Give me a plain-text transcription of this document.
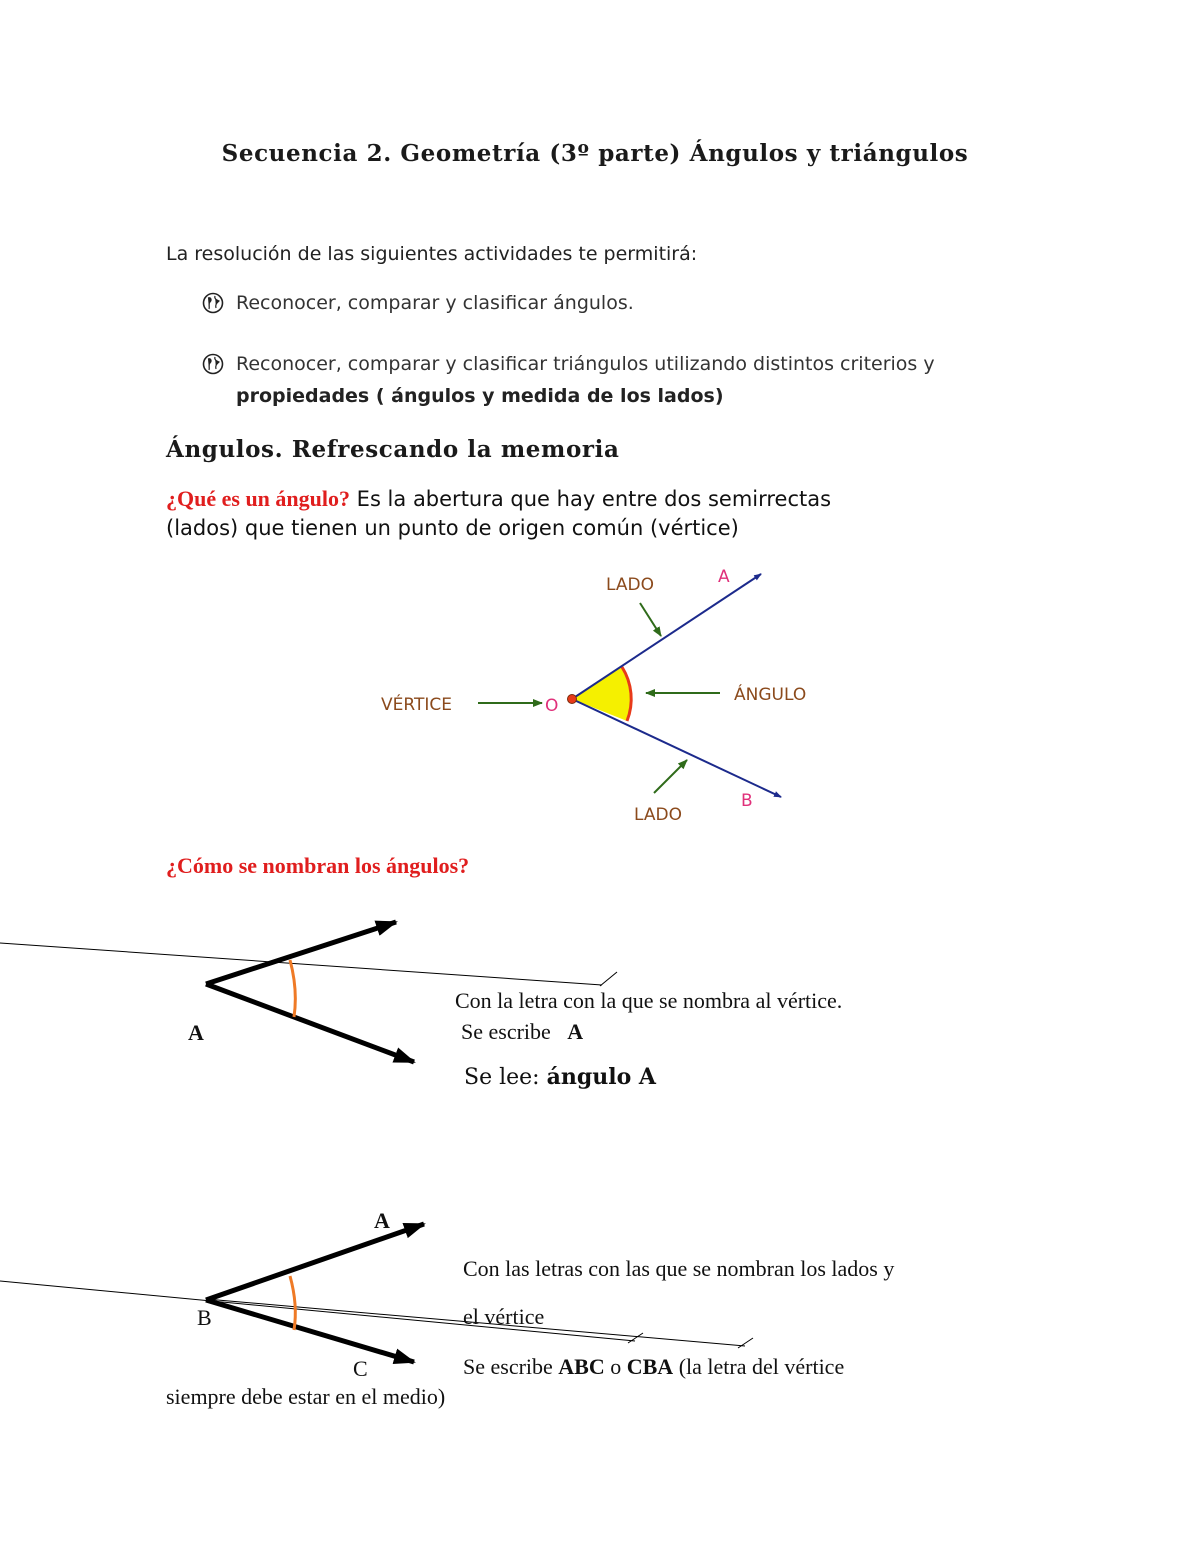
Secuencia 2. Geometría (3º parte) Ángulos y triángulos
La resolución de las siguientes actividades te permitirá:
Reconocer, comparar y clasificar ángulos.
Reconocer, comparar y clasificar triángulos utilizando distintos criterios y
propiedades ( ángulos y medida de los lados)
Ángulos. Refrescando la memoria
¿Qué es un ángulo? Es la abertura que hay entre dos semirrectas
(lados) que tienen un punto de origen común (vértice)
LADO	A
VÉRTICE	O
ÁNGULO
LADO
B
¿Cómo se nombran los ángulos?
A
Con la letra con la que se nombra al vértice.
Se escribe A
Se lee: ángulo A
A
B
C
Con las letras con las que se nombran los lados y
el vértice
Se escribe ABC o CBA (la letra del vértice
siempre debe estar en el medio)
